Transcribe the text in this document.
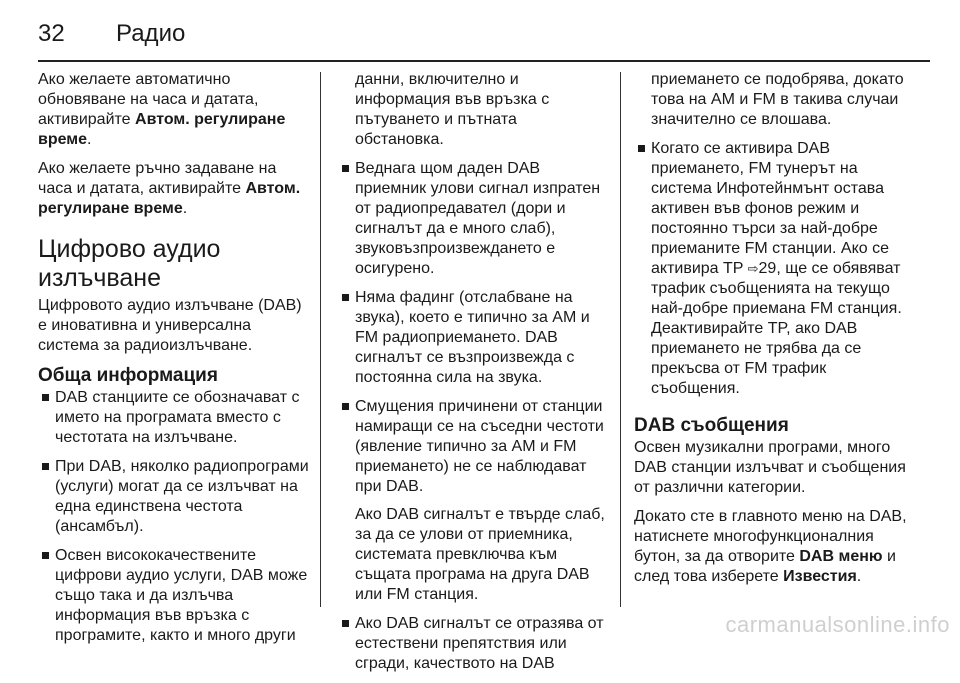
32	Радио

Ако желаете автоматично обновяване на часа и датата, активирайте Автом. регулиране време.

Ако желаете ръчно задаване на часа и датата, активирайте Автом. регулиране време.

Цифрово аудио излъчване

Цифровото аудио излъчване (DAB) е иновативна и универсална система за радиоизлъчване.

Обща информация
DAB станциите се обозначават с името на програмата вместо с честотата на излъчване.
При DAB, няколко радиопрограми (услуги) могат да се излъчват на една единствена честота (ансамбъл).
Освен висококачествените цифрови аудио услуги, DAB може също така и да излъчва информация във връзка с програмите, както и много други

данни, включително и информация във връзка с пътуването и пътната обстановка.

Веднага щом даден DAB приемник улови сигнал изпратен от радиопредавател (дори и сигналът да е много слаб), звуковъзпроизвеждането е осигурено.
Няма фадинг (отслабване на звука), което е типично за AM и FM радиоприемането. DAB сигналът се възпроизвежда с постоянна сила на звука.
Смущения причинени от станции намиращи се на съседни честоти (явление типично за AM и FM приемането) не се наблюдават при DAB.
Ако DAB сигналът е твърде слаб, за да се улови от приемника, системата превключва към същата програма на друга DAB или FM станция.
Ако DAB сигналът се отразява от естествени препятствия или сгради, качеството на DAB

приемането се подобрява, докато това на AM и FM в такива случаи значително се влошава.

Когато се активира DAB приемането, FM тунерът на система Инфотейнмънт остава активен във фонов режим и постоянно търси за най-добре приеманите FM станции. Ако се активира TP ⇨29, ще се обявяват трафик съобщенията на текущо най-добре приемана FM станция. Деактивирайте TP, ако DAB приемането не трябва да се прекъсва от FM трафик съобщения.
DAB съобщения

Освен музикални програми, много DAB станции излъчват и съобщения от различни категории.

Докато сте в главното меню на DAB, натиснете многофункционалния бутон, за да отворите DAB меню и след това изберете Известия.

carmanualsonline.info
